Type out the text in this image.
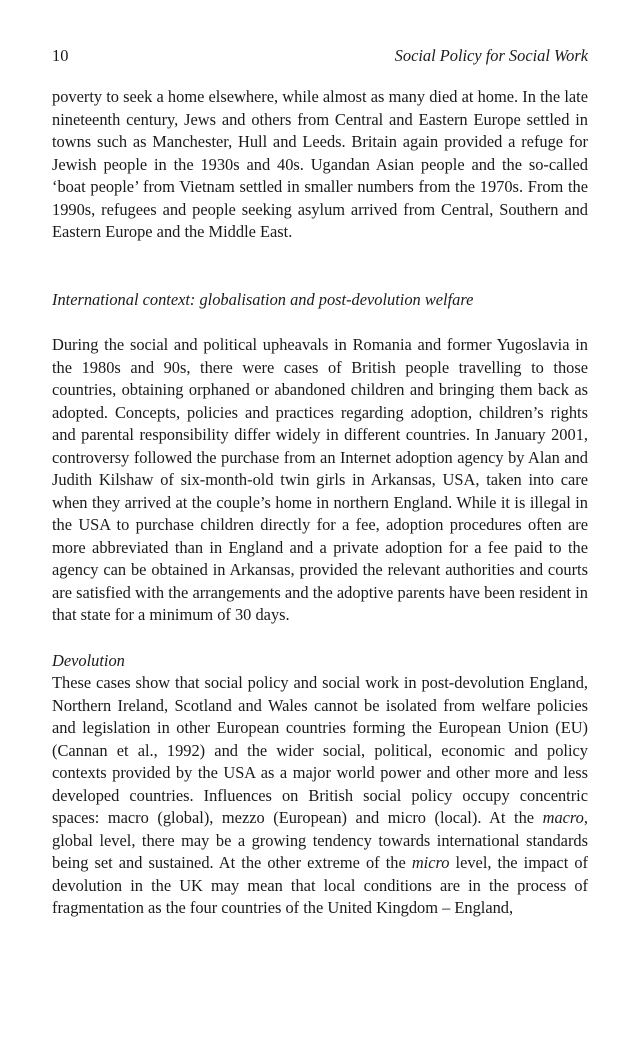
10	Social Policy for Social Work

poverty to seek a home elsewhere, while almost as many died at home. In the late nineteenth century, Jews and others from Central and Eastern Europe settled in towns such as Manchester, Hull and Leeds. Britain again provided a refuge for Jewish people in the 1930s and 40s. Ugandan Asian people and the so-called ‘boat people’ from Vietnam settled in smaller numbers from the 1970s. From the 1990s, refugees and people seeking asylum arrived from Central, Southern and Eastern Europe and the Middle East.

International context: globalisation and post-devolution welfare

During the social and political upheavals in Romania and former Yugoslavia in the 1980s and 90s, there were cases of British people travelling to those countries, obtaining orphaned or abandoned children and bringing them back as adopted. Concepts, policies and practices regarding adoption, children’s rights and parental responsibility differ widely in different countries. In January 2001, controversy followed the purchase from an Internet adoption agency by Alan and Judith Kilshaw of six-month-old twin girls in Arkansas, USA, taken into care when they arrived at the couple’s home in northern England. While it is illegal in the USA to purchase children directly for a fee, adoption procedures often are more abbreviated than in England and a private adoption for a fee paid to the agency can be obtained in Arkansas, provided the relevant authorities and courts are satisfied with the arrangements and the adoptive parents have been resident in that state for a minimum of 30 days.

Devolution

These cases show that social policy and social work in post-devolution England, Northern Ireland, Scotland and Wales cannot be isolated from welfare policies and legislation in other European countries forming the European Union (EU) (Cannan et al., 1992) and the wider social, political, economic and policy contexts provided by the USA as a major world power and other more and less developed countries. Influences on British social policy occupy concentric spaces: macro (global), mezzo (European) and micro (local). At the macro, global level, there may be a growing tendency towards international standards being set and sustained. At the other extreme of the micro level, the impact of devolution in the UK may mean that local conditions are in the process of fragmentation as the four countries of the United Kingdom – England,
